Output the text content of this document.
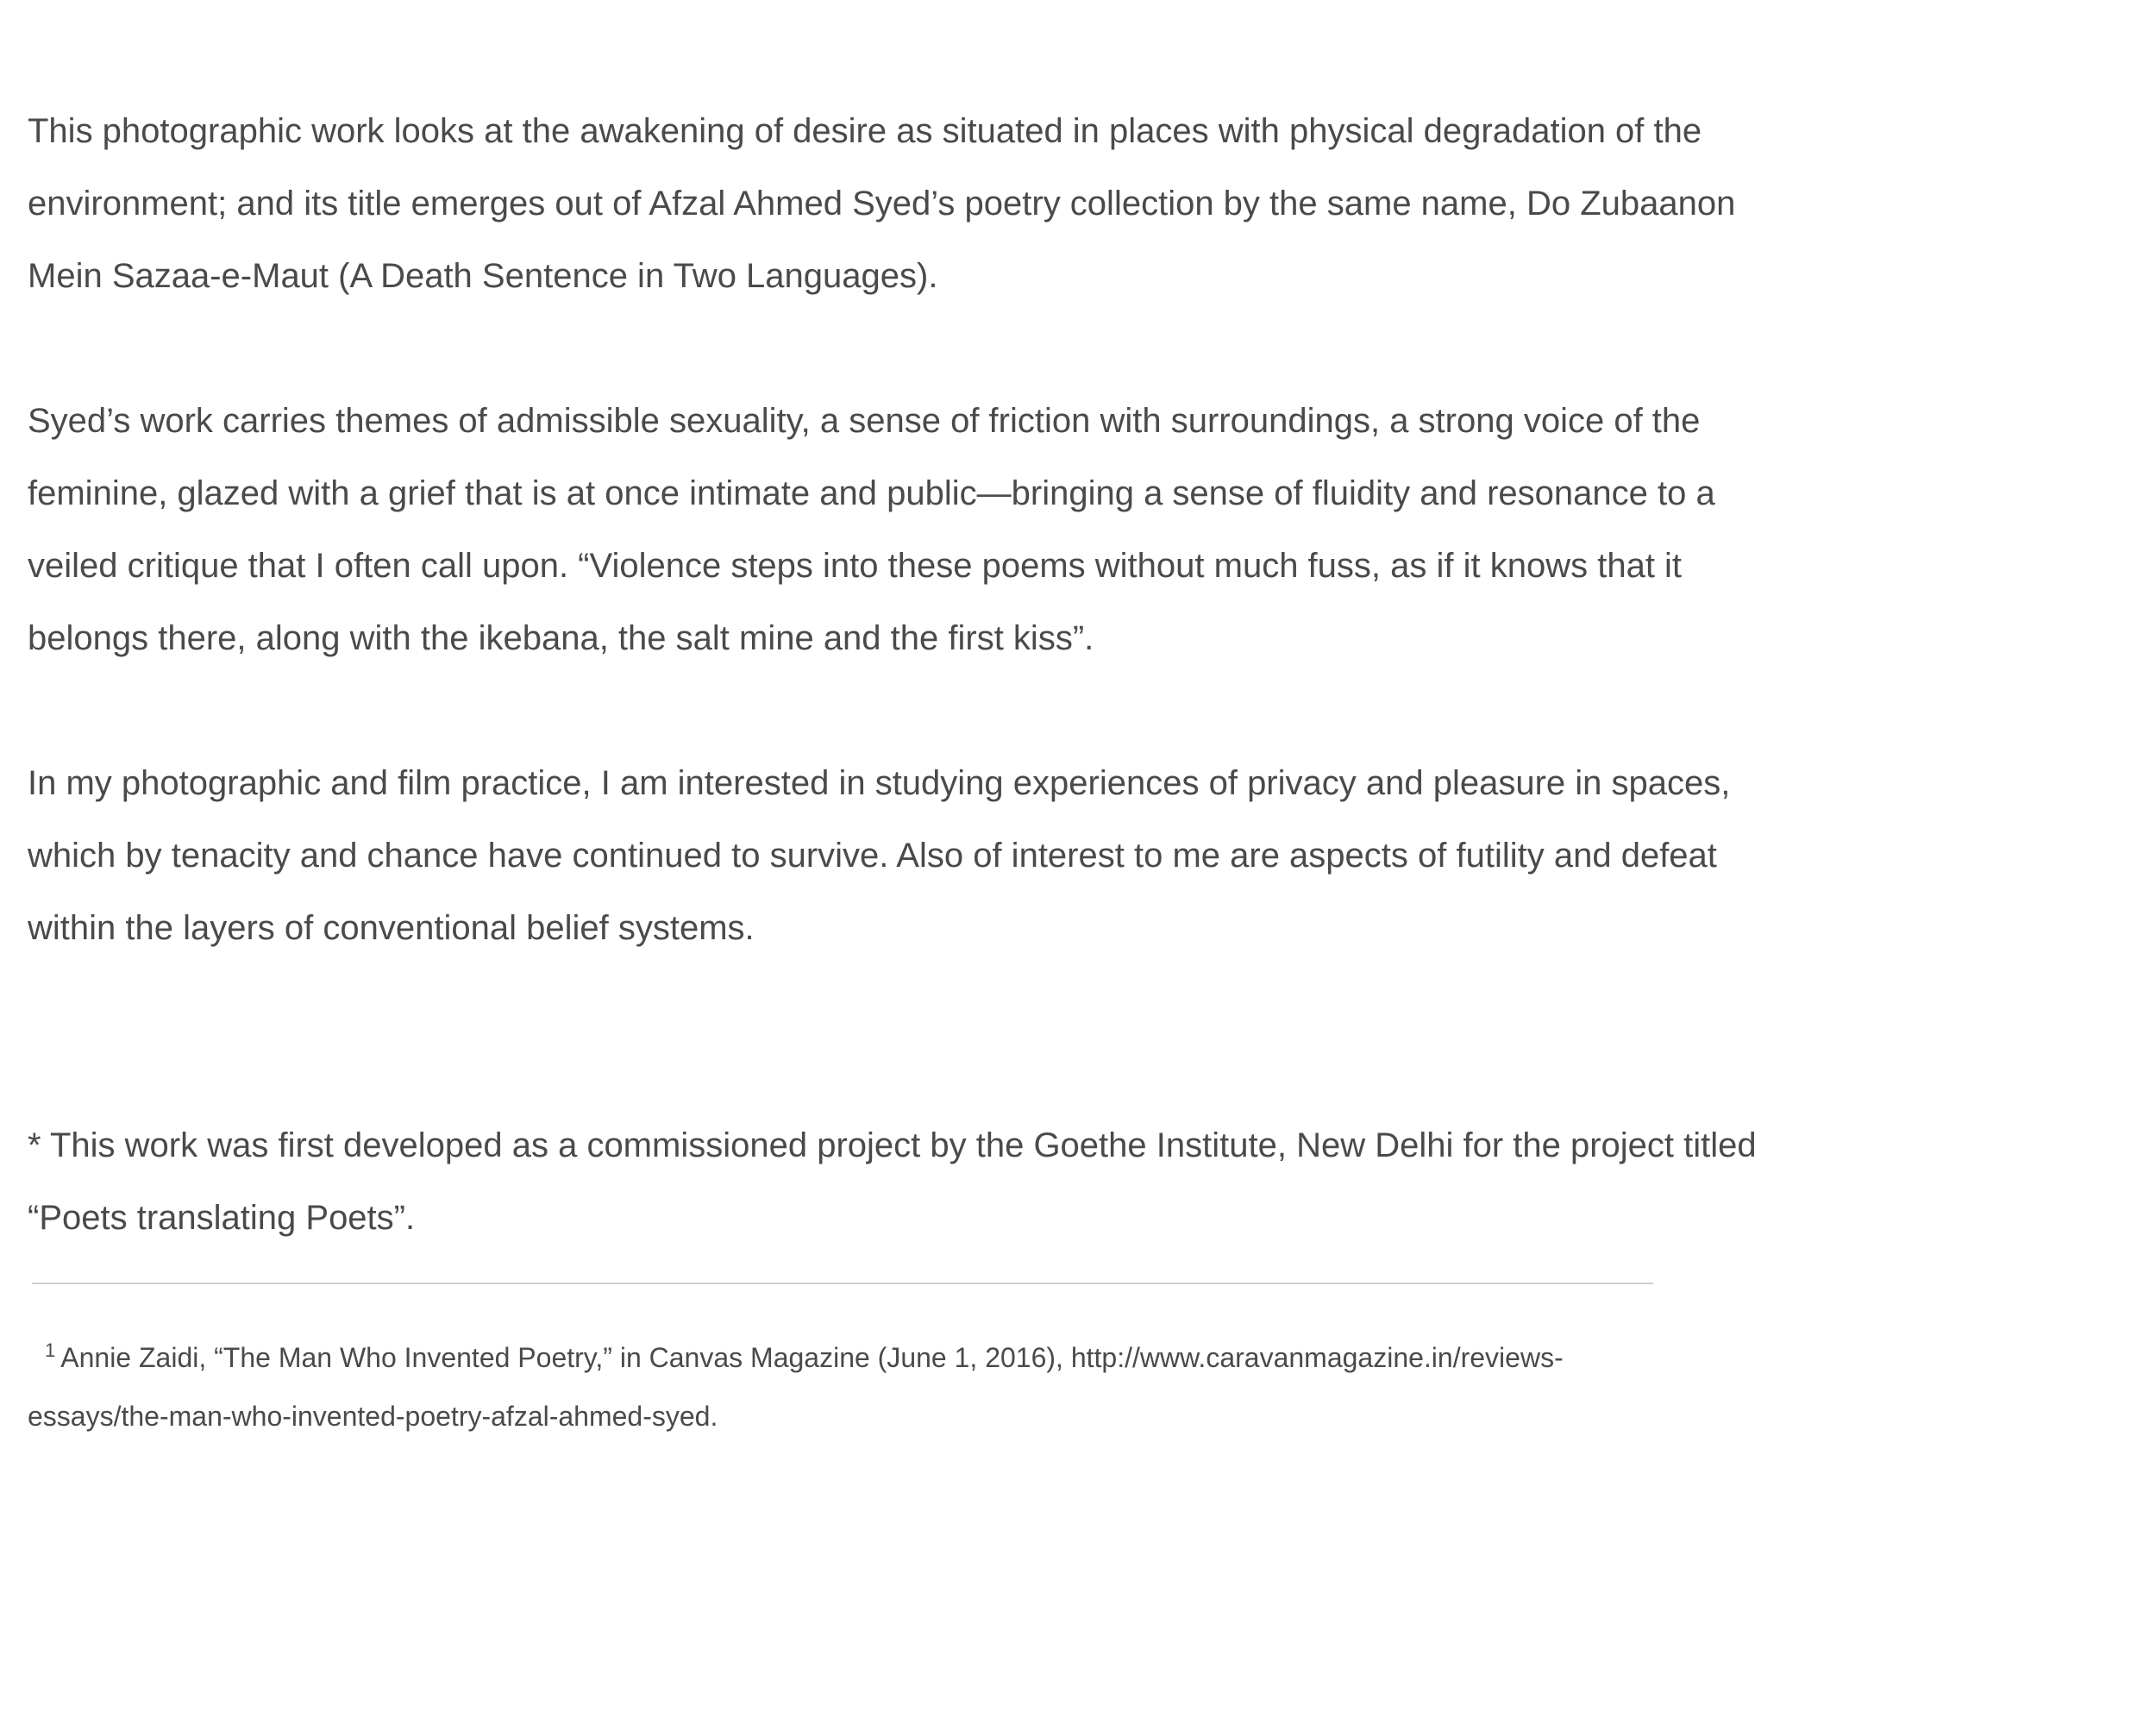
This photographic work looks at the awakening of desire as situated in places with physical degradation of the environment; and its title emerges out of Afzal Ahmed Syed’s poetry collection by the same name, Do Zubaanon Mein Sazaa-e-Maut (A Death Sentence in Two Languages).

Syed’s work carries themes of admissible sexuality, a sense of friction with surroundings, a strong voice of the feminine, glazed with a grief that is at once intimate and public—bringing a sense of fluidity and resonance to a veiled critique that I often call upon. “Violence steps into these poems without much fuss, as if it knows that it belongs there, along with the ikebana, the salt mine and the first kiss”.

In my photographic and film practice, I am interested in studying experiences of privacy and pleasure in spaces, which by tenacity and chance have continued to survive. Also of interest to me are aspects of futility and defeat within the layers of conventional belief systems.

* This work was first developed as a commissioned project by the Goethe Institute, New Delhi for the project titled “Poets translating Poets”.

$^1$ Annie Zaidi, “The Man Who Invented Poetry,” in Canvas Magazine (June 1, 2016), http://www.caravanmagazine.in/reviews-essays/the-man-who-invented-poetry-afzal-ahmed-syed.
